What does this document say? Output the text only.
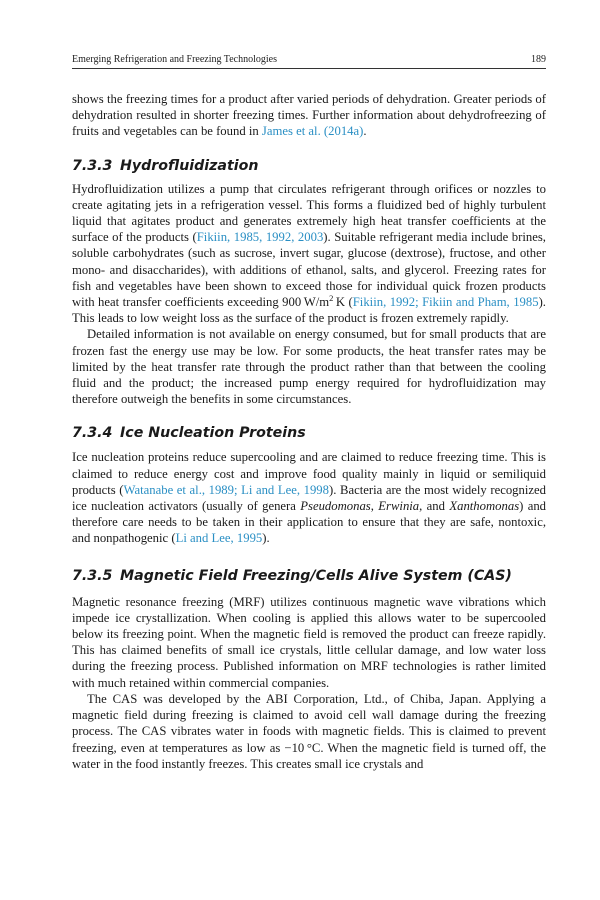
Emerging Refrigeration and Freezing Technologies	189

shows the freezing times for a product after varied periods of dehydration. Greater periods of dehydration resulted in shorter freezing times. Further information about dehydrofreezing of fruits and vegetables can be found in James et al. (2014a).

7.3.3 Hydrofluidization

Hydrofluidization utilizes a pump that circulates refrigerant through orifices or nozzles to create agitating jets in a refrigeration vessel. This forms a fluidized bed of highly turbulent liquid that agitates product and generates extremely high heat transfer coefficients at the surface of the products (Fikiin, 1985, 1992, 2003). Suitable refrigerant media include brines, soluble carbohydrates (such as sucrose, invert sugar, glucose (dextrose), fructose, and other mono- and disaccharides), with additions of ethanol, salts, and glycerol. Freezing rates for fish and vegetables have been shown to exceed those for individual quick frozen products with heat transfer coefficients exceeding 900 $W/m^2$ K (Fikiin, 1992; Fikiin and Pham, 1985). This leads to low weight loss as the surface of the product is frozen extremely rapidly.

Detailed information is not available on energy consumed, but for small products that are frozen fast the energy use may be low. For some products, the heat transfer rates may be limited by the heat transfer rate through the product rather than that between the cooling fluid and the product; the increased pump energy required for hydrofluidization may therefore outweigh the benefits in some circumstances.

7.3.4 Ice Nucleation Proteins

Ice nucleation proteins reduce supercooling and are claimed to reduce freezing time. This is claimed to reduce energy cost and improve food quality mainly in liquid or semiliquid products (Watanabe et al., 1989; Li and Lee, 1998). Bacteria are the most widely recognized ice nucleation activators (usually of genera Pseudomonas, Erwinia, and Xanthomonas) and therefore care needs to be taken in their application to ensure that they are safe, nontoxic, and nonpathogenic (Li and Lee, 1995).

7.3.5 Magnetic Field Freezing/Cells Alive System (CAS)

Magnetic resonance freezing (MRF) utilizes continuous magnetic wave vibrations which impede ice crystallization. When cooling is applied this allows water to be supercooled below its freezing point. When the magnetic field is removed the product can freeze rapidly. This has claimed benefits of small ice crystals, little cellular damage, and low water loss during the freezing process. Published information on MRF technologies is rather limited with much retained within commercial companies.

The CAS was developed by the ABI Corporation, Ltd., of Chiba, Japan. Applying a magnetic field during freezing is claimed to avoid cell wall damage during the freezing process. The CAS vibrates water in foods with magnetic fields. This is claimed to prevent freezing, even at temperatures as low as −10 °C. When the magnetic field is turned off, the water in the food instantly freezes. This creates small ice crystals and
